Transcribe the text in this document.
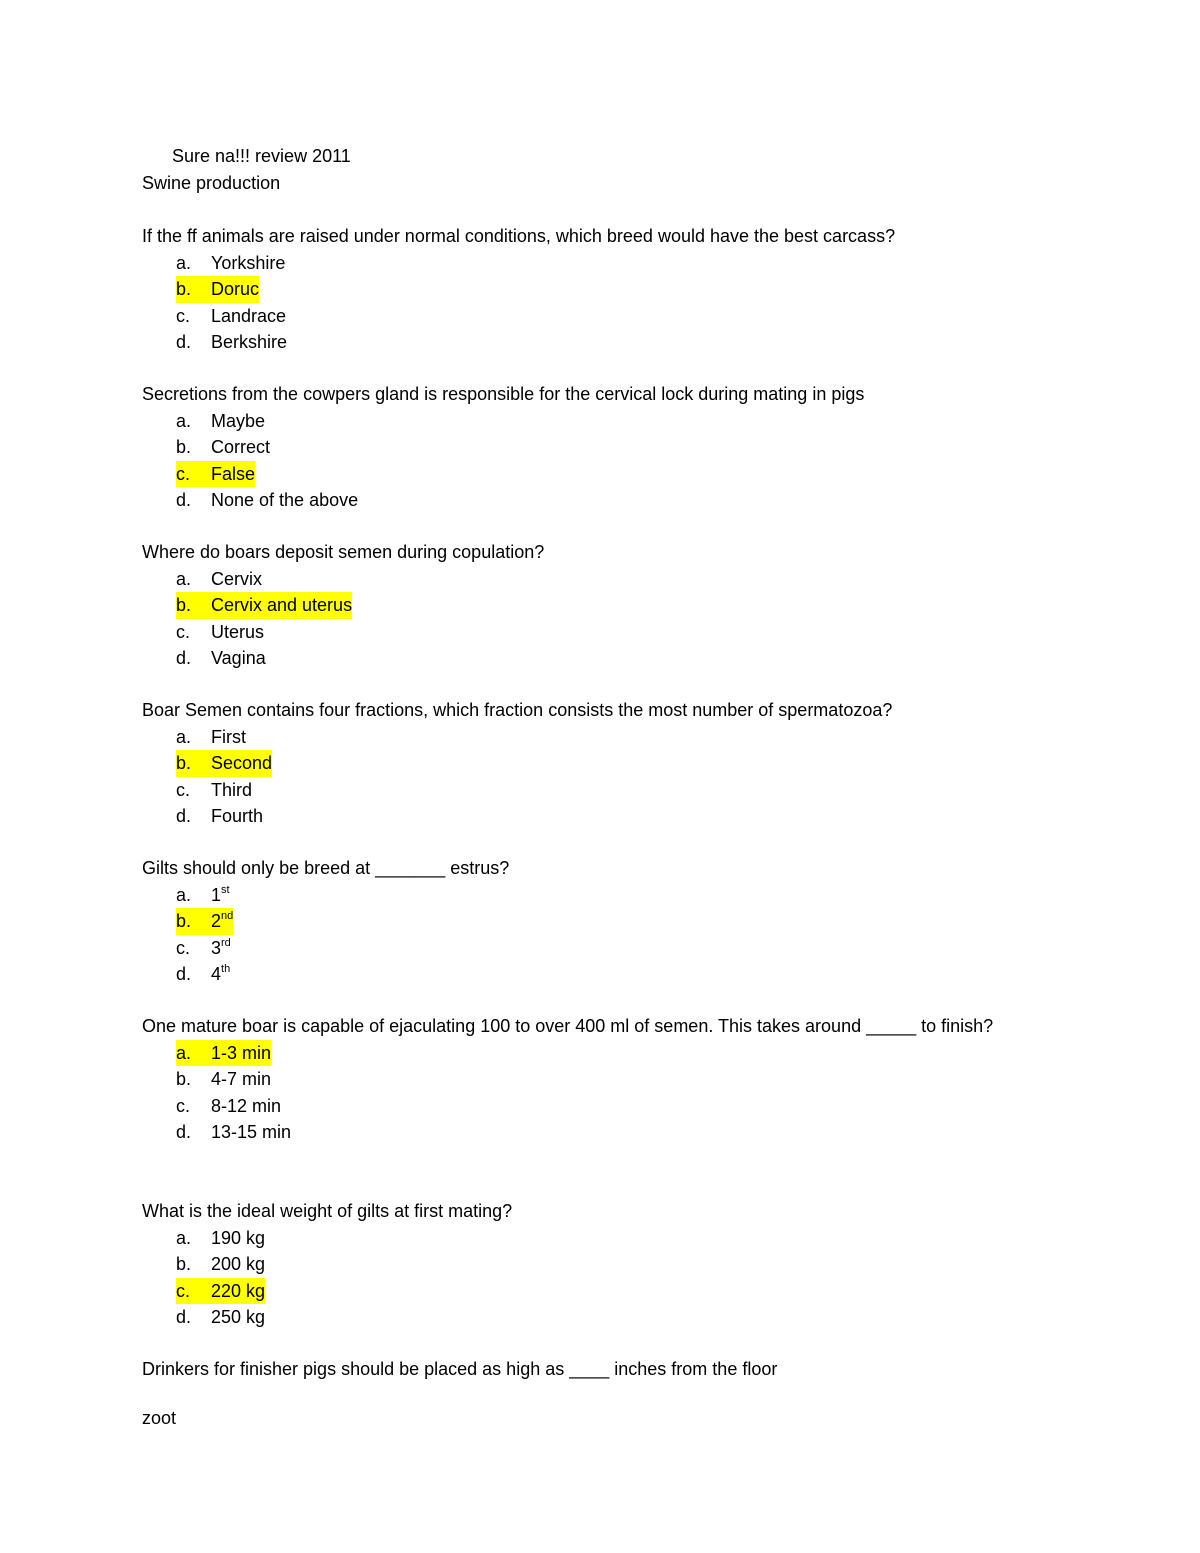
Sure na!!! review 2011
Swine production

If the ff animals are raised under normal conditions, which breed would have the best carcass?

a. Yorkshire
b.	Doruc
c. Landrace
d. Berkshire

Secretions from the cowpers gland is responsible for the cervical lock during mating in pigs

a. Maybe
b. Correct
c.	False
d. None of the above

Where do boars deposit semen during copulation?

a. Cervix
b.	Cervix and uterus
c. Uterus
d. Vagina

Boar Semen contains four fractions, which fraction consists the most number of spermatozoa?

a. First
b.	Second
c. Third
d. Fourth

Gilts should only be breed at _______ estrus?

a. 1st
b.	2nd
c. 3rd
d. 4th

One mature boar is capable of ejaculating 100 to over 400 ml of semen. This takes around _____ to finish?

a.	1-3 min
b. 4-7 min
c. 8-12 min
d. 13-15 min

What is the ideal weight of gilts at first mating?

a. 190 kg
b. 200 kg
c.	220 kg
d. 250 kg

Drinkers for finisher pigs should be placed as high as ____ inches from the floor

zoot
